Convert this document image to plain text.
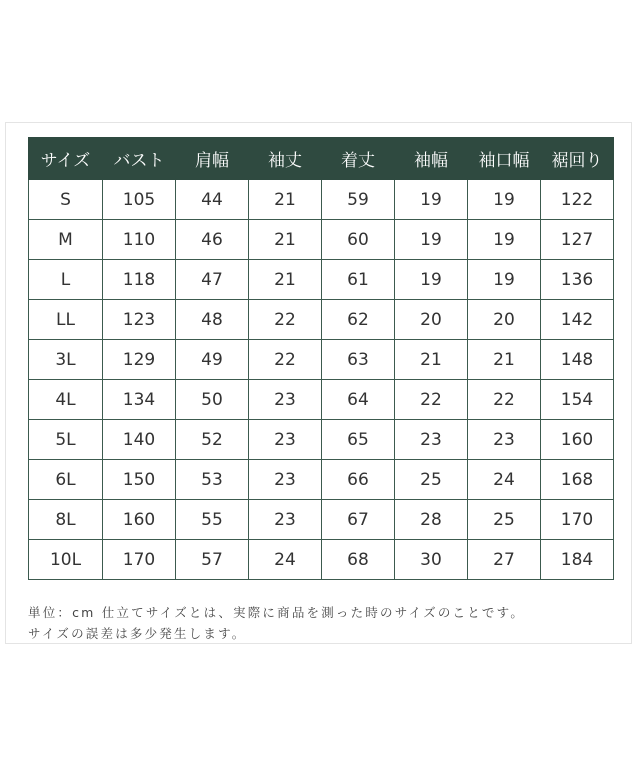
サイズ	バスト	肩幅	袖丈	着丈	袖幅	袖口幅	裾回り
S	105	44	21	59	19	19	122
M	110	46	21	60	19	19	127
L	118	47	21	61	19	19	136
LL	123	48	22	62	20	20	142
3L	129	49	22	63	21	21	148
4L	134	50	23	64	22	22	154
5L	140	52	23	65	23	23	160
6L	150	53	23	66	25	24	168
8L	160	55	23	67	28	25	170
10L	170	57	24	68	30	27	184
単位：cm 仕立てサイズとは、実際に商品を測った時のサイズのことです。
サイズの誤差は多少発生します。
